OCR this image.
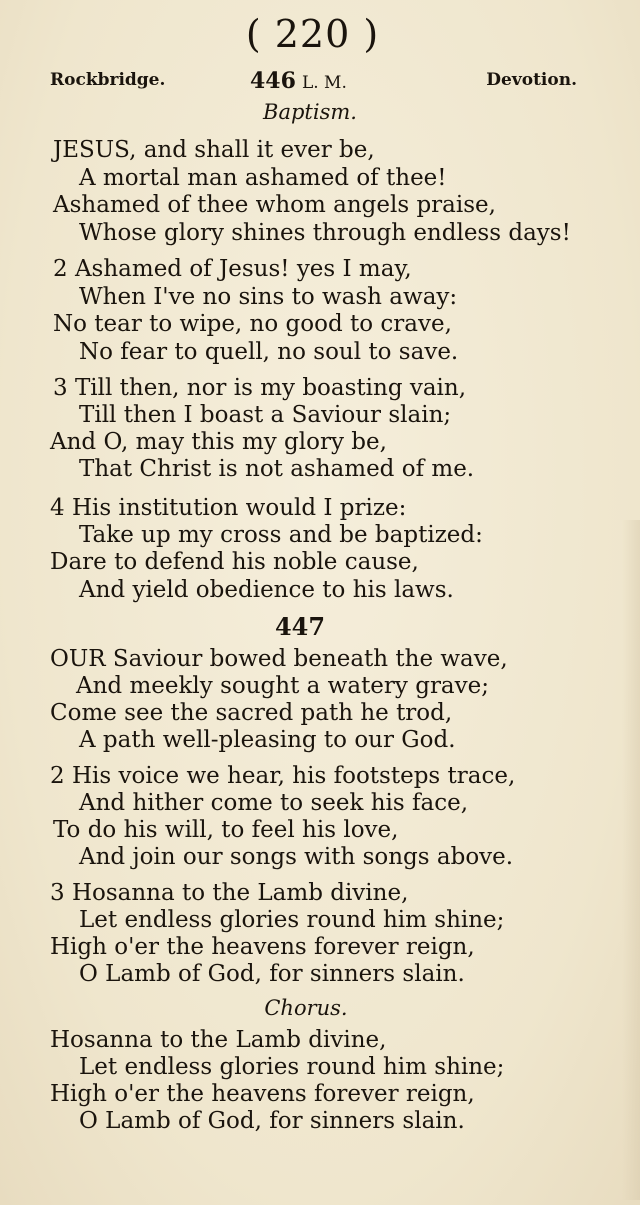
( 220 )
Rockbridge.	446 L. M.	Devotion.
Baptism.
JESUS, and shall it ever be,
A mortal man ashamed of thee!
Ashamed of thee whom angels praise,
Whose glory shines through endless days!
2 Ashamed of Jesus! yes I may,
When I've no sins to wash away:
No tear to wipe, no good to crave,
No fear to quell, no soul to save.
3 Till then, nor is my boasting vain,
Till then I boast a Saviour slain;
And O, may this my glory be,
That Christ is not ashamed of me.
4 His institution would I prize:
Take up my cross and be baptized:
Dare to defend his noble cause,
And yield obedience to his laws.
447
OUR Saviour bowed beneath the wave,
And meekly sought a watery grave;
Come see the sacred path he trod,
A path well-pleasing to our God.
2 His voice we hear, his footsteps trace,
And hither come to seek his face,
To do his will, to feel his love,
And join our songs with songs above.
3 Hosanna to the Lamb divine,
Let endless glories round him shine;
High o'er the heavens forever reign,
O Lamb of God, for sinners slain.
Chorus.
Hosanna to the Lamb divine,
Let endless glories round him shine;
High o'er the heavens forever reign,
O Lamb of God, for sinners slain.
